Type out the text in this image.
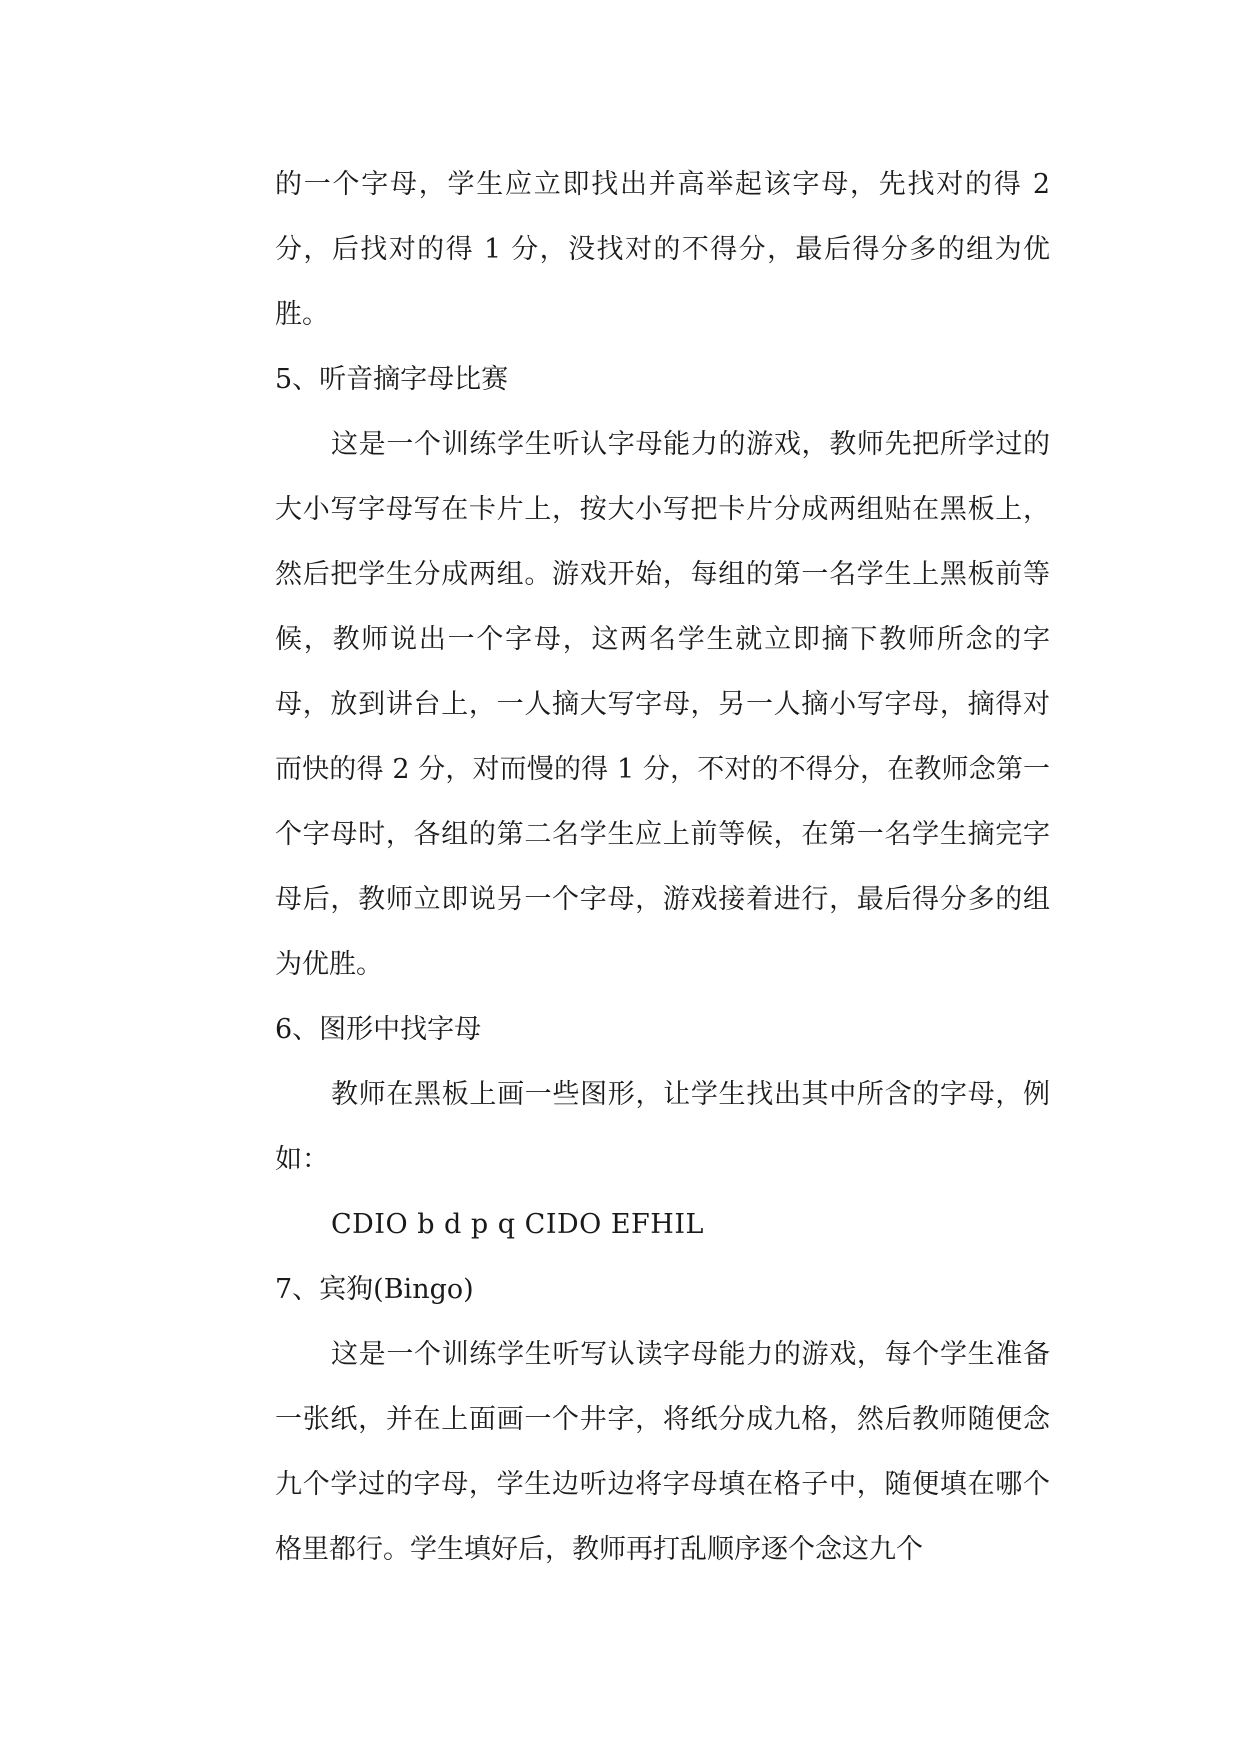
的一个字母，学生应立即找出并高举起该字母，先找对的得 2 分，后找对的得 1 分，没找对的不得分，最后得分多的组为优胜。

5、听音摘字母比赛

这是一个训练学生听认字母能力的游戏，教师先把所学过的大小写字母写在卡片上，按大小写把卡片分成两组贴在黑板上，然后把学生分成两组。游戏开始，每组的第一名学生上黑板前等候，教师说出一个字母，这两名学生就立即摘下教师所念的字母，放到讲台上，一人摘大写字母，另一人摘小写字母，摘得对而快的得 2 分，对而慢的得 1 分，不对的不得分，在教师念第一个字母时，各组的第二名学生应上前等候，在第一名学生摘完字母后，教师立即说另一个字母，游戏接着进行，最后得分多的组为优胜。

6、图形中找字母

教师在黑板上画一些图形，让学生找出其中所含的字母，例如：

CDIO b d p q CIDO EFHIL

7、宾狗(Bingo)

这是一个训练学生听写认读字母能力的游戏，每个学生准备一张纸，并在上面画一个井字，将纸分成九格，然后教师随便念九个学过的字母，学生边听边将字母填在格子中，随便填在哪个格里都行。学生填好后，教师再打乱顺序逐个念这九个
